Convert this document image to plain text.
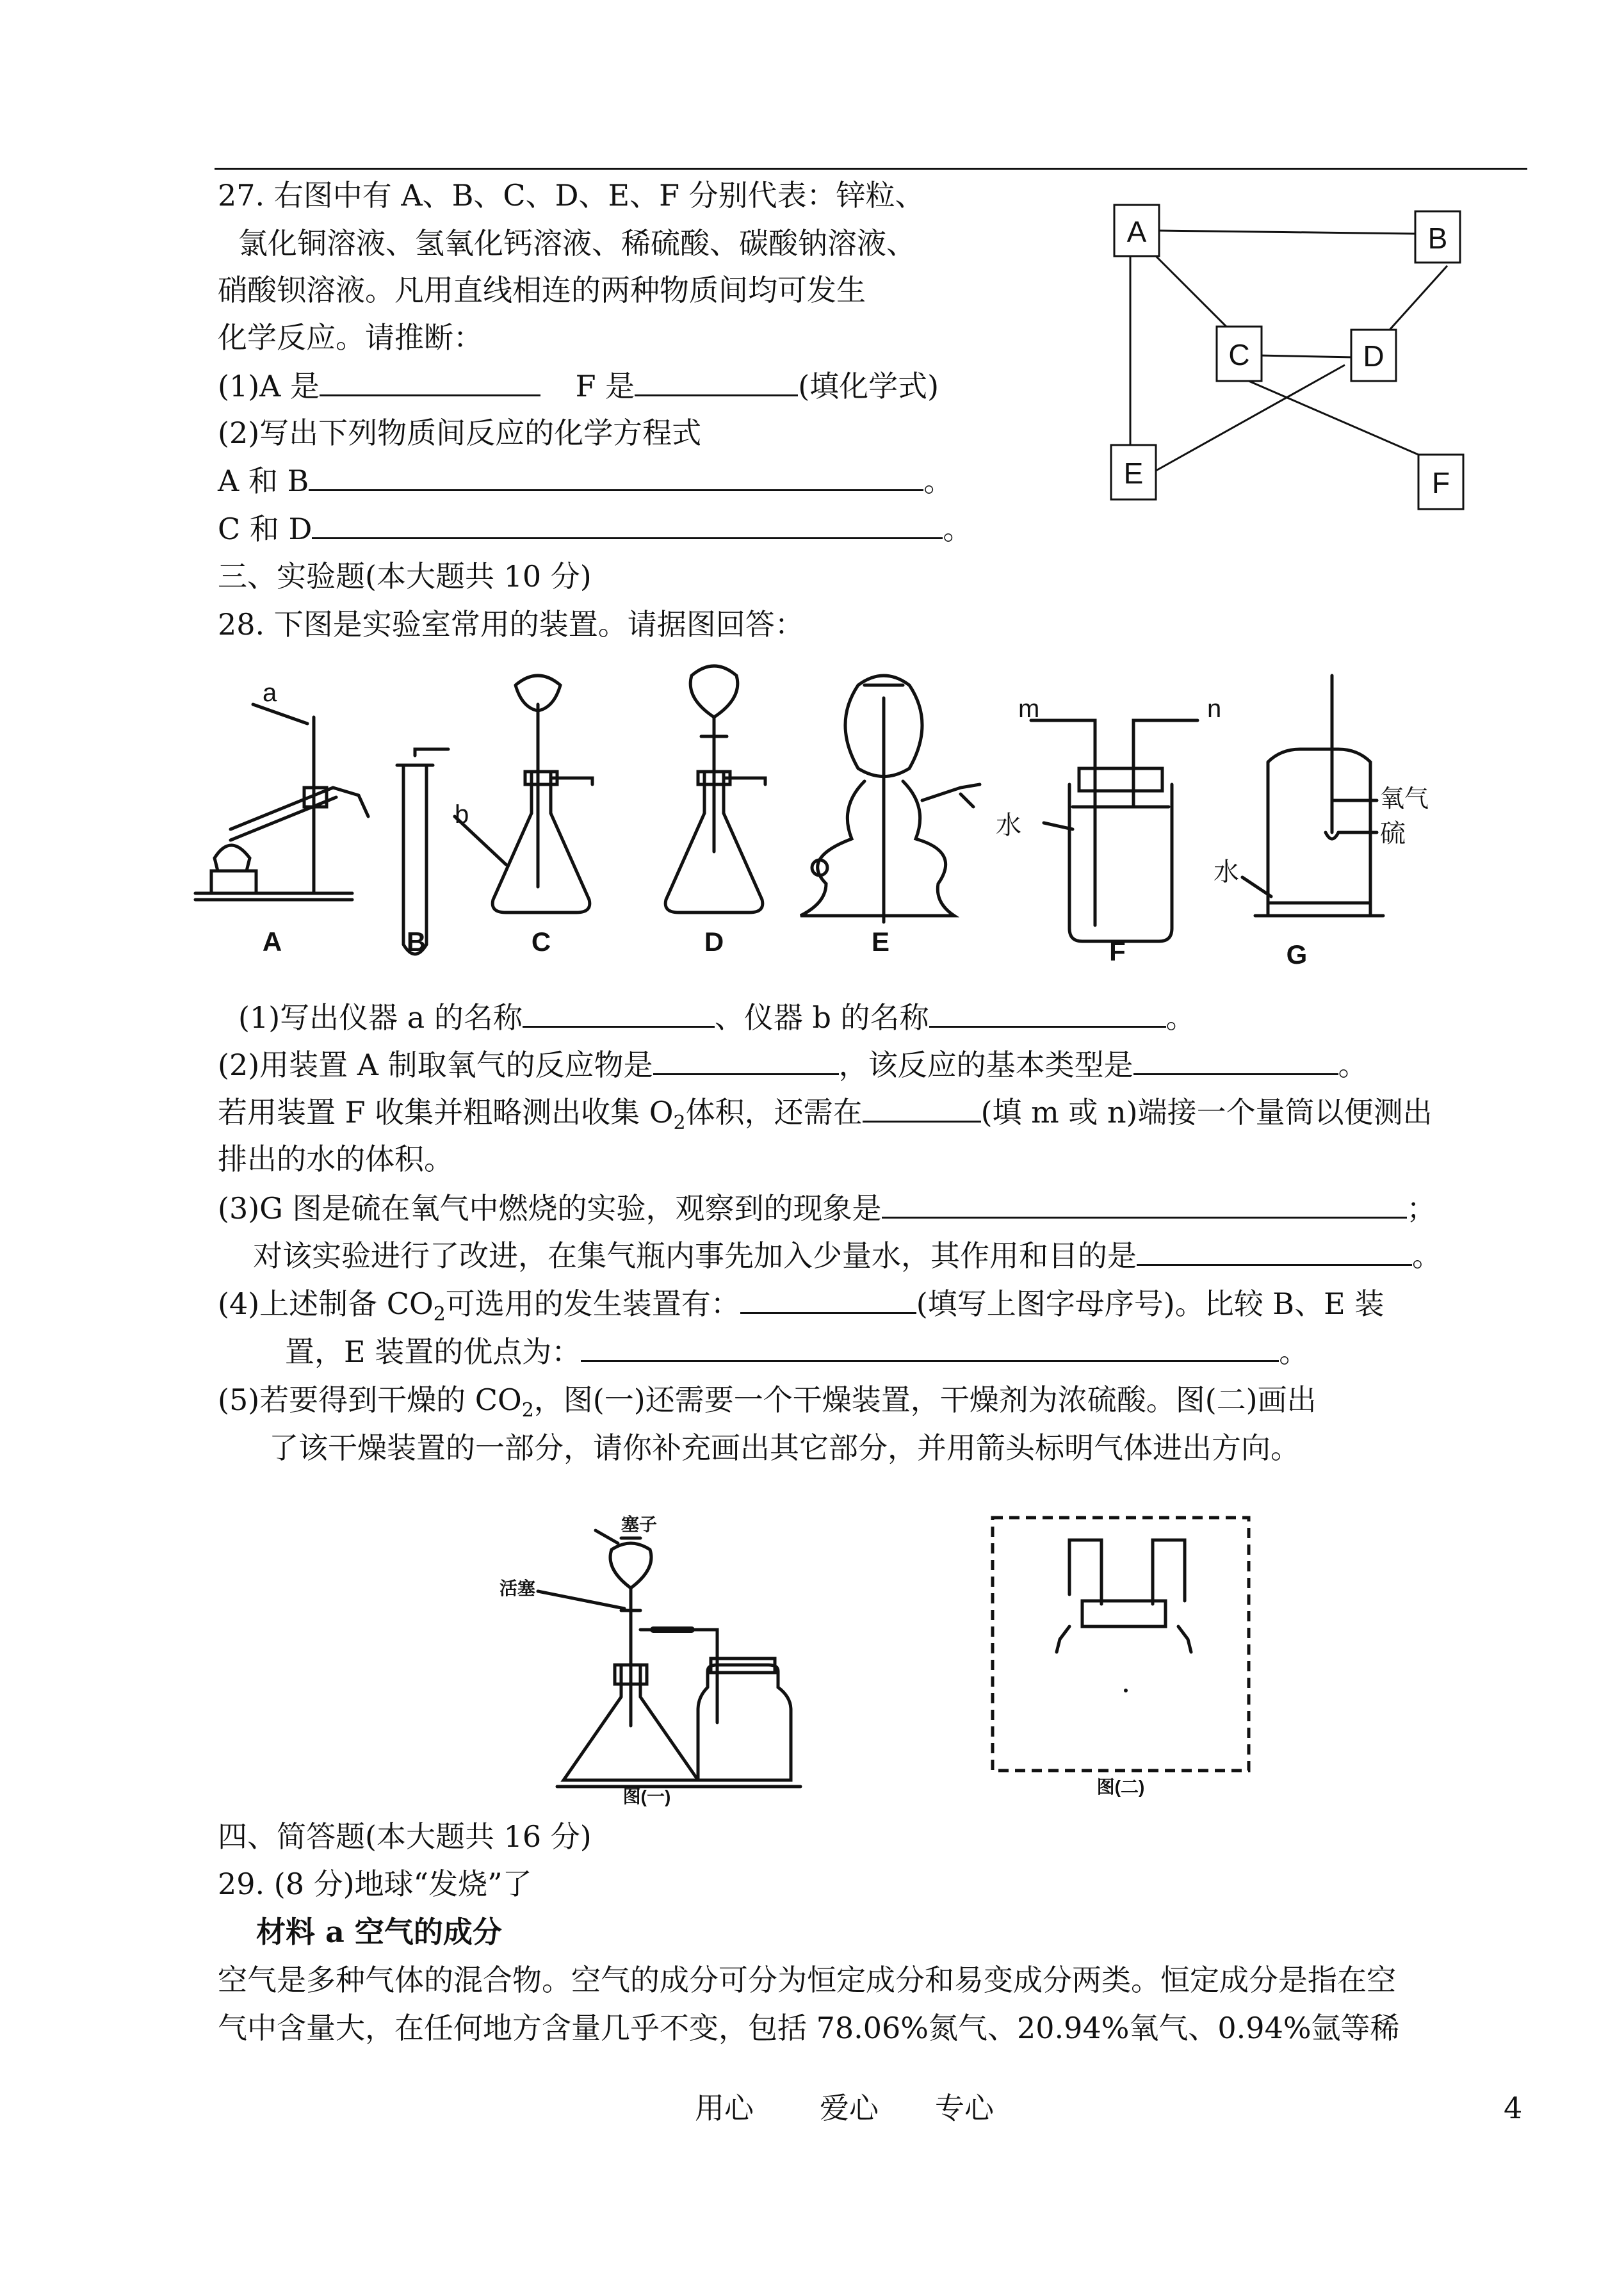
27. 右图中有 A、B、C、D、E、F 分别代表：锌粒、
氯化铜溶液、氢氧化钙溶液、稀硫酸、碳酸钠溶液、
硝酸钡溶液。凡用直线相连的两种物质间均可发生
化学反应。请推断：
(1)A 是	F 是	(填化学式)
(2)写出下列物质间反应的化学方程式
A 和 B	。
C 和 D	。
A	B
C	D
E	F
三、实验题(本大题共 10 分)
28. 下图是实验室常用的装置。请据图回答：
a
b
m	n
水
氧气
硫
水
A	B	C	D	E	F	G
(1)写出仪器 a 的名称	、仪器 b 的名称	。
(2)用装置 A 制取氧气的反应物是	，该反应的基本类型是	。
若用装置 F 收集并粗略测出收集 $O_2$体积，还需在	(填 m 或 n)端接一个量筒以便测出
排出的水的体积。
(3)G 图是硫在氧气中燃烧的实验，观察到的现象是	；
对该实验进行了改进，在集气瓶内事先加入少量水，其作用和目的是	。
(4)上述制备 $CO_2$可选用的发生装置有：	(填写上图字母序号)。比较 B、E 装
置，E 装置的优点为：	。
(5)若要得到干燥的 $CO_2$，图(一)还需要一个干燥装置，干燥剂为浓硫酸。图(二)画出
了该干燥装置的一部分，请你补充画出其它部分，并用箭头标明气体进出方向。
塞子
活塞
图(一)	图(二)
四、简答题(本大题共 16 分)
29. (8 分)地球“发烧”了
材料 a 空气的成分
空气是多种气体的混合物。空气的成分可分为恒定成分和易变成分两类。恒定成分是指在空
气中含量大，在任何地方含量几乎不变，包括 78.06%氮气、20.94%氧气、0.94%氩等稀
用心 爱心 专心	4
